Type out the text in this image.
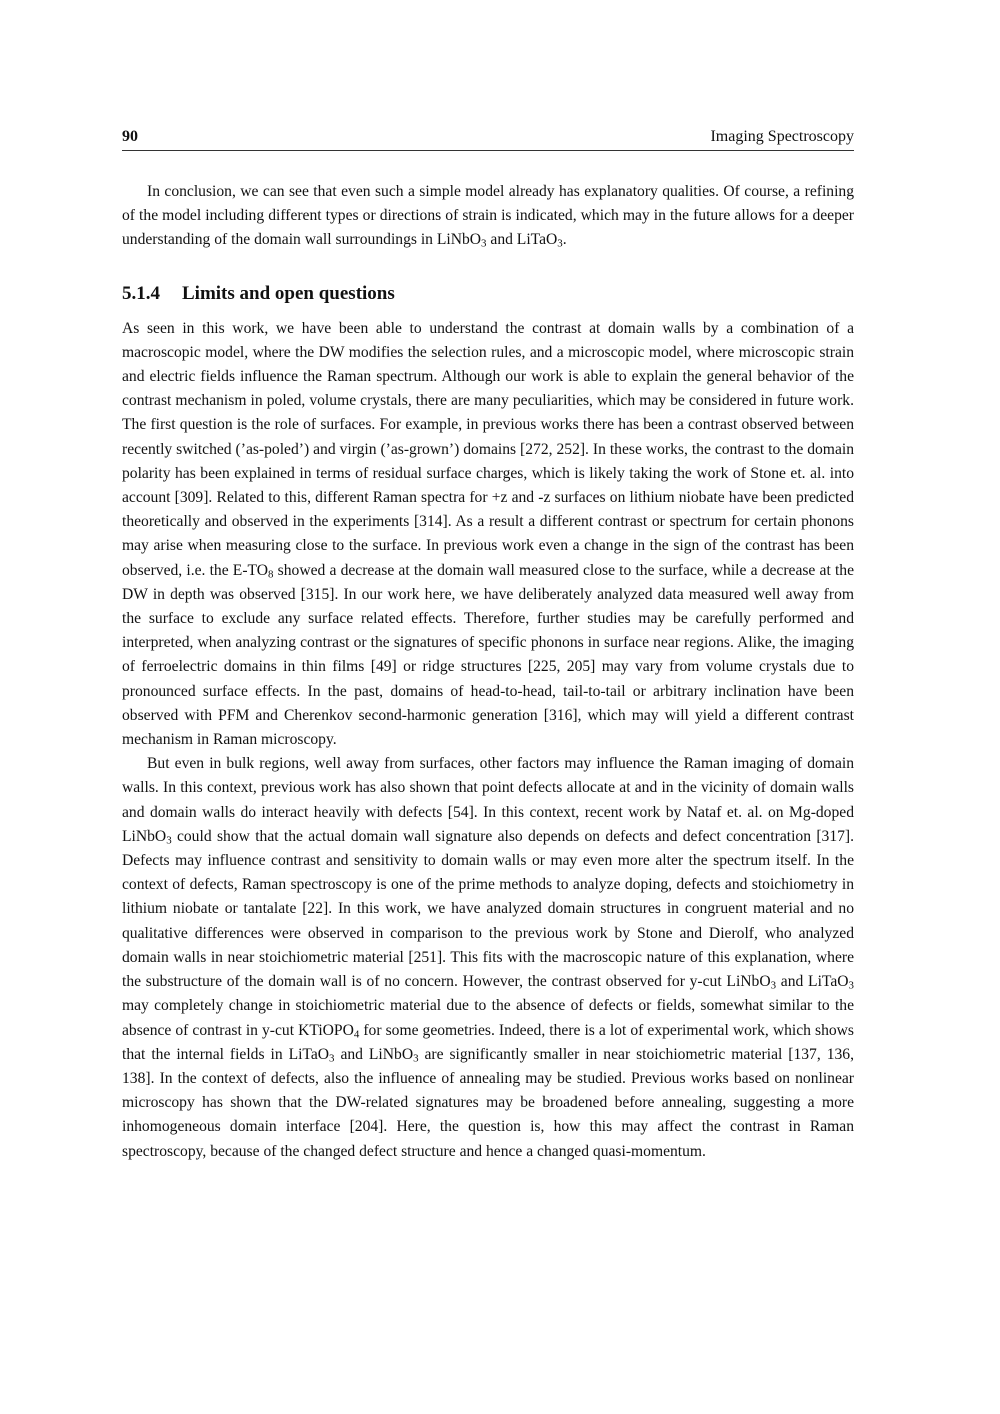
90	Imaging Spectroscopy

In conclusion, we can see that even such a simple model already has explanatory qualities. Of course, a refining of the model including different types or directions of strain is indicated, which may in the future allows for a deeper understanding of the domain wall surroundings in LiNbO$_3$ and LiTaO$_3$.

5.1.4 Limits and open questions

As seen in this work, we have been able to understand the contrast at domain walls by a combination of a macroscopic model, where the DW modifies the selection rules, and a microscopic model, where microscopic strain and electric fields influence the Raman spectrum. Although our work is able to explain the general behavior of the contrast mechanism in poled, volume crystals, there are many peculiarities, which may be considered in future work. The first question is the role of surfaces. For example, in previous works there has been a contrast observed between recently switched (’as-poled’) and virgin (’as-grown’) domains [272, 252]. In these works, the contrast to the domain polarity has been explained in terms of residual surface charges, which is likely taking the work of Stone et. al. into account [309]. Related to this, different Raman spectra for +z and -z surfaces on lithium niobate have been predicted theoretically and observed in the experiments [314]. As a result a different contrast or spectrum for certain phonons may arise when measuring close to the surface. In previous work even a change in the sign of the contrast has been observed, i.e. the $E-TO_8$ showed a decrease at the domain wall measured close to the surface, while a decrease at the DW in depth was observed [315]. In our work here, we have deliberately analyzed data measured well away from the surface to exclude any surface related effects. Therefore, further studies may be carefully performed and interpreted, when analyzing contrast or the signatures of specific phonons in surface near regions. Alike, the imaging of ferroelectric domains in thin films [49] or ridge structures [225, 205] may vary from volume crystals due to pronounced surface effects. In the past, domains of head-to-head, tail-to-tail or arbitrary inclination have been observed with PFM and Cherenkov second-harmonic generation [316], which may will yield a different contrast mechanism in Raman microscopy.

But even in bulk regions, well away from surfaces, other factors may influence the Raman imaging of domain walls. In this context, previous work has also shown that point defects allocate at and in the vicinity of domain walls and domain walls do interact heavily with defects [54]. In this context, recent work by Nataf et. al. on Mg-doped LiNbO$_3$ could show that the actual domain wall signature also depends on defects and defect concentration [317]. Defects may influence contrast and sensitivity to domain walls or may even more alter the spectrum itself. In the context of defects, Raman spectroscopy is one of the prime methods to analyze doping, defects and stoichiometry in lithium niobate or tantalate [22]. In this work, we have analyzed domain structures in congruent material and no qualitative differences were observed in comparison to the previous work by Stone and Dierolf, who analyzed domain walls in near stoichiometric material [251]. This fits with the macroscopic nature of this explanation, where the substructure of the domain wall is of no concern. However, the contrast observed for y-cut LiNbO$_3$ and LiTaO$_3$ may completely change in stoichiometric material due to the absence of defects or fields, somewhat similar to the absence of contrast in y-cut KTiOPO$_4$ for some geometries. Indeed, there is a lot of experimental work, which shows that the internal fields in LiTaO$_3$ and LiNbO$_3$ are significantly smaller in near stoichiometric material [137, 136, 138]. In the context of defects, also the influence of annealing may be studied. Previous works based on nonlinear microscopy has shown that the DW-related signatures may be broadened before annealing, suggesting a more inhomogeneous domain interface [204]. Here, the question is, how this may affect the contrast in Raman spectroscopy, because of the changed defect structure and hence a changed quasi-momentum.
